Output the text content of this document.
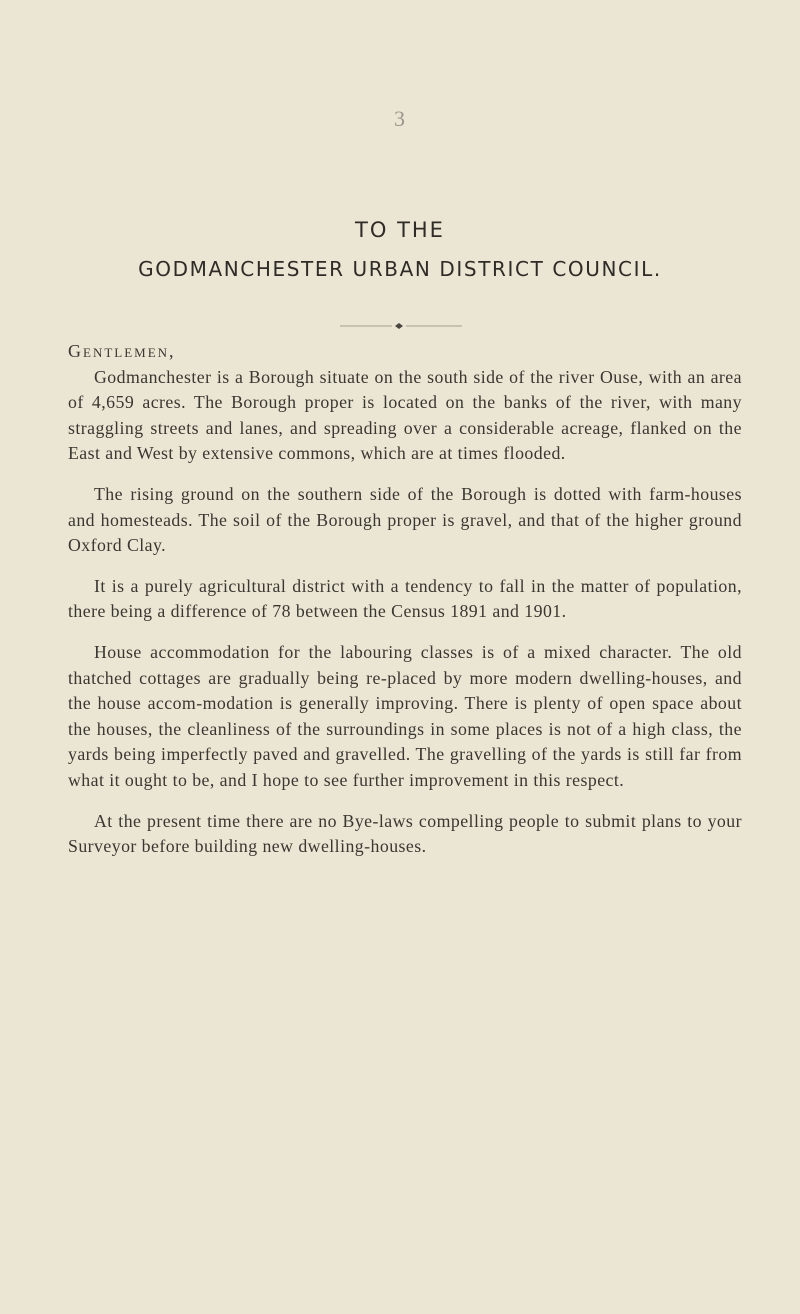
3
TO THE
GODMANCHESTER URBAN DISTRICT COUNCIL.

Gentlemen,

Godmanchester is a Borough situate on the south side of the river Ouse, with an area of 4,659 acres. The Borough proper is located on the banks of the river, with many straggling streets and lanes, and spreading over a considerable acreage, flanked on the East and West by extensive commons, which are at times flooded.

The rising ground on the southern side of the Borough is dotted with farm-houses and homesteads. The soil of the Borough proper is gravel, and that of the higher ground Oxford Clay.

It is a purely agricultural district with a tendency to fall in the matter of population, there being a difference of 78 between the Census 1891 and 1901.

House accommodation for the labouring classes is of a mixed character. The old thatched cottages are gradually being re-placed by more modern dwelling-houses, and the house accom-modation is generally improving. There is plenty of open space about the houses, the cleanliness of the surroundings in some places is not of a high class, the yards being imperfectly paved and gravelled. The gravelling of the yards is still far from what it ought to be, and I hope to see further improvement in this respect.

At the present time there are no Bye-laws compelling people to submit plans to your Surveyor before building new dwelling-houses.
